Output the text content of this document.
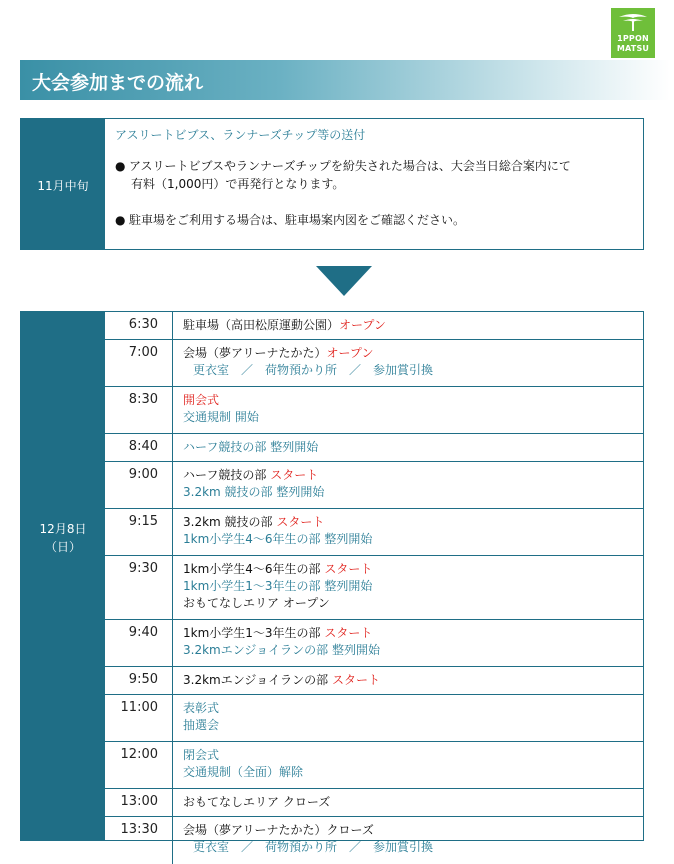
1PPON
MATSU
大会参加までの流れ
11月中旬
アスリートビブス、ランナーズチップ等の送付
● アスリートビブスやランナーズチップを紛失された場合は、大会当日総合案内にて
有料（1,000円）で再発行となります。
● 駐車場をご利用する場合は、駐車場案内図をご確認ください。
12月8日
（日）
6:30	駐車場（高田松原運動公園）オープン
7:00	会場（夢アリーナたかた）オープン
更衣室　／　荷物預かり所　／　参加賞引換
8:30	開会式
交通規制 開始
8:40	ハーフ競技の部 整列開始
9:00	ハーフ競技の部 スタート
3.2km 競技の部 整列開始
9:15	3.2km 競技の部 スタート
1km小学生4～6年生の部 整列開始
9:30	1km小学生4～6年生の部 スタート
1km小学生1～3年生の部 整列開始
おもてなしエリア オープン
9:40	1km小学生1～3年生の部 スタート
3.2kmエンジョイランの部 整列開始
9:50	3.2kmエンジョイランの部 スタート
11:00	表彰式
抽選会
12:00	閉会式
交通規制（全面）解除
13:00	おもてなしエリア クローズ
13:30	会場（夢アリーナたかた）クローズ
更衣室　／　荷物預かり所　／　参加賞引換
